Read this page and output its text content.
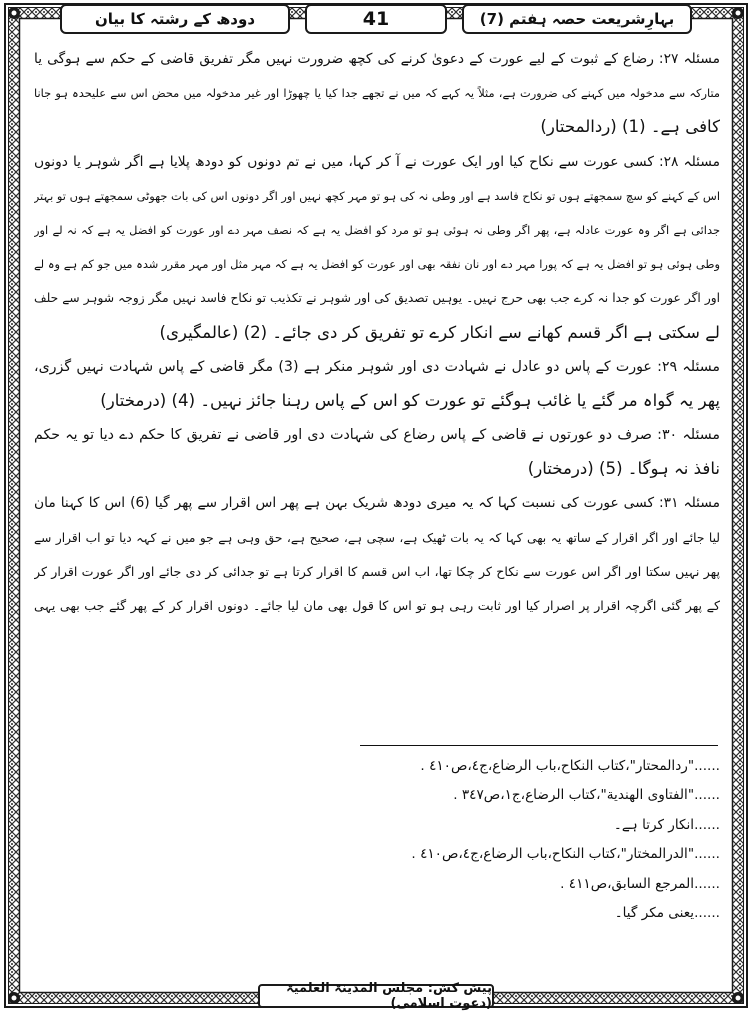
دودھ کے رشتہ کا بیان	41	بہارِشریعت حصہ ہفتم (7)
مسئلہ ۲۷: رضاع کے ثبوت کے لیے عورت کے دعویٰ کرنے کی کچھ ضرورت نہیں مگر تفریق قاضی کے حکم سے ہوگی یا
متارکہ سے مدخولہ میں کہنے کی ضرورت ہے، مثلاً یہ کہے کہ میں نے تجھے جدا کیا یا چھوڑا اور غیر مدخولہ میں محض اس سے علیحدہ ہو جانا
کافی ہے۔ (1) (ردالمحتار)
مسئلہ ۲۸: کسی عورت سے نکاح کیا اور ایک عورت نے آ کر کہا، میں نے تم دونوں کو دودھ پلایا ہے اگر شوہر یا دونوں
اس کے کہنے کو سچ سمجھتے ہوں تو نکاح فاسد ہے اور وطی نہ کی ہو تو مہر کچھ نہیں اور اگر دونوں اس کی بات جھوٹی سمجھتے ہوں تو بہتر
جدائی ہے اگر وہ عورت عادلہ ہے، پھر اگر وطی نہ ہوئی ہو تو مرد کو افضل یہ ہے کہ نصف مہر دے اور عورت کو افضل یہ ہے کہ نہ لے اور
وطی ہوئی ہو تو افضل یہ ہے کہ پورا مہر دے اور نان نفقہ بھی اور عورت کو افضل یہ ہے کہ مہر مثل اور مہر مقرر شدہ میں جو کم ہے وہ لے
اور اگر عورت کو جدا نہ کرے جب بھی حرج نہیں۔ یوہیں تصدیق کی اور شوہر نے تکذیب تو نکاح فاسد نہیں مگر زوجہ شوہر سے حلف
لے سکتی ہے اگر قسم کھانے سے انکار کرے تو تفریق کر دی جائے۔ (2) (عالمگیری)
مسئلہ ۲۹: عورت کے پاس دو عادل نے شہادت دی اور شوہر منکر ہے (3) مگر قاضی کے پاس شہادت نہیں گزری،
پھر یہ گواہ مر گئے یا غائب ہوگئے تو عورت کو اس کے پاس رہنا جائز نہیں۔ (4) (درمختار)
مسئلہ ۳۰: صرف دو عورتوں نے قاضی کے پاس رضاع کی شہادت دی اور قاضی نے تفریق کا حکم دے دیا تو یہ حکم
نافذ نہ ہوگا۔ (5) (درمختار)
مسئلہ ۳۱: کسی عورت کی نسبت کہا کہ یہ میری دودھ شریک بہن ہے پھر اس اقرار سے پھر گیا (6) اس کا کہنا مان
لیا جائے اور اگر اقرار کے ساتھ یہ بھی کہا کہ یہ بات ٹھیک ہے، سچی ہے، صحیح ہے، حق وہی ہے جو میں نے کہہ دیا تو اب اقرار سے
پھر نہیں سکتا اور اگر اس عورت سے نکاح کر چکا تھا، اب اس قسم کا اقرار کرتا ہے تو جدائی کر دی جائے اور اگر عورت اقرار کر
کے پھر گئی اگرچہ اقرار پر اصرار کیا اور ثابت رہی ہو تو اس کا قول بھی مان لیا جائے۔ دونوں اقرار کر کے پھر گئے جب بھی یہی
......"ردالمحتار"،كتاب النكاح،باب الرضاع،ج٤،ص٤١٠ .
......"الفتاوى الهندية"،كتاب الرضاع،ج١،ص٣٤٧ .
......انکار کرتا ہے۔
......"الدرالمختار"،كتاب النكاح،باب الرضاع،ج٤،ص٤١٠ .
......المرجع السابق،ص٤١١ .
......یعنی مکر گیا۔
پیش کش: مجلس المدینۃ العلمیۃ (دعوت اسلامی)
